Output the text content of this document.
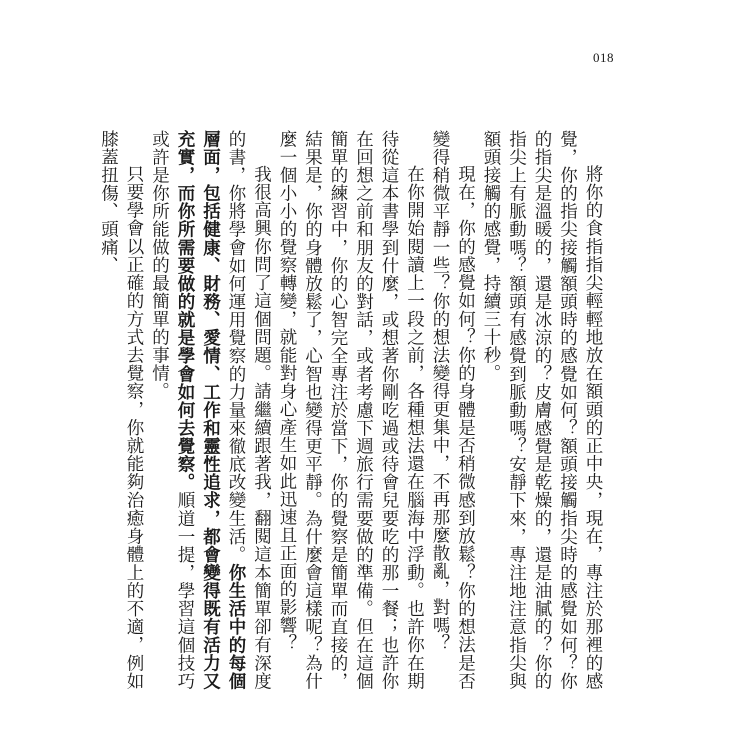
018

將你的食指指尖輕輕地放在額頭的正中央，現在，專注於那裡的感覺，你的指尖接觸額頭時的感覺如何？額頭接觸指尖時的感覺如何？你的指尖是溫暖的，還是冰涼的？皮膚感覺是乾燥的，還是油膩的？你的指尖上有脈動嗎？額頭有感覺到脈動嗎？安靜下來，專注地注意指尖與額頭接觸的感覺，持續三十秒。

現在，你的感覺如何？你的身體是否稍微感到放鬆？你的想法是否變得稍微平靜一些？你的想法變得更集中，不再那麼散亂，對嗎？

在你開始閱讀上一段之前，各種想法還在腦海中浮動。也許你在期待從這本書學到什麼，或想著你剛吃過或待會兒要吃的那一餐；也許你在回想之前和朋友的對話，或者考慮下週旅行需要做的準備。但在這個簡單的練習中，你的心智完全專注於當下，你的覺察是簡單而直接的，結果是，你的身體放鬆了，心智也變得更平靜。為什麼會這樣呢？為什麼一個小小的覺察轉變，就能對身心產生如此迅速且正面的影響？

我很高興你問了這個問題。請繼續跟著我，翻閱這本簡單卻有深度的書，你將學會如何運用覺察的力量來徹底改變生活。你生活中的每個層面，包括健康、財務、愛情、工作和靈性追求，都會變得既有活力又充實，而你所需要做的就是學會如何去覺察。順道一提，學習這個技巧或許是你所能做的最簡單的事情。

只要學會以正確的方式去覺察，你就能夠治癒身體上的不適，例如膝蓋扭傷、頭痛、
